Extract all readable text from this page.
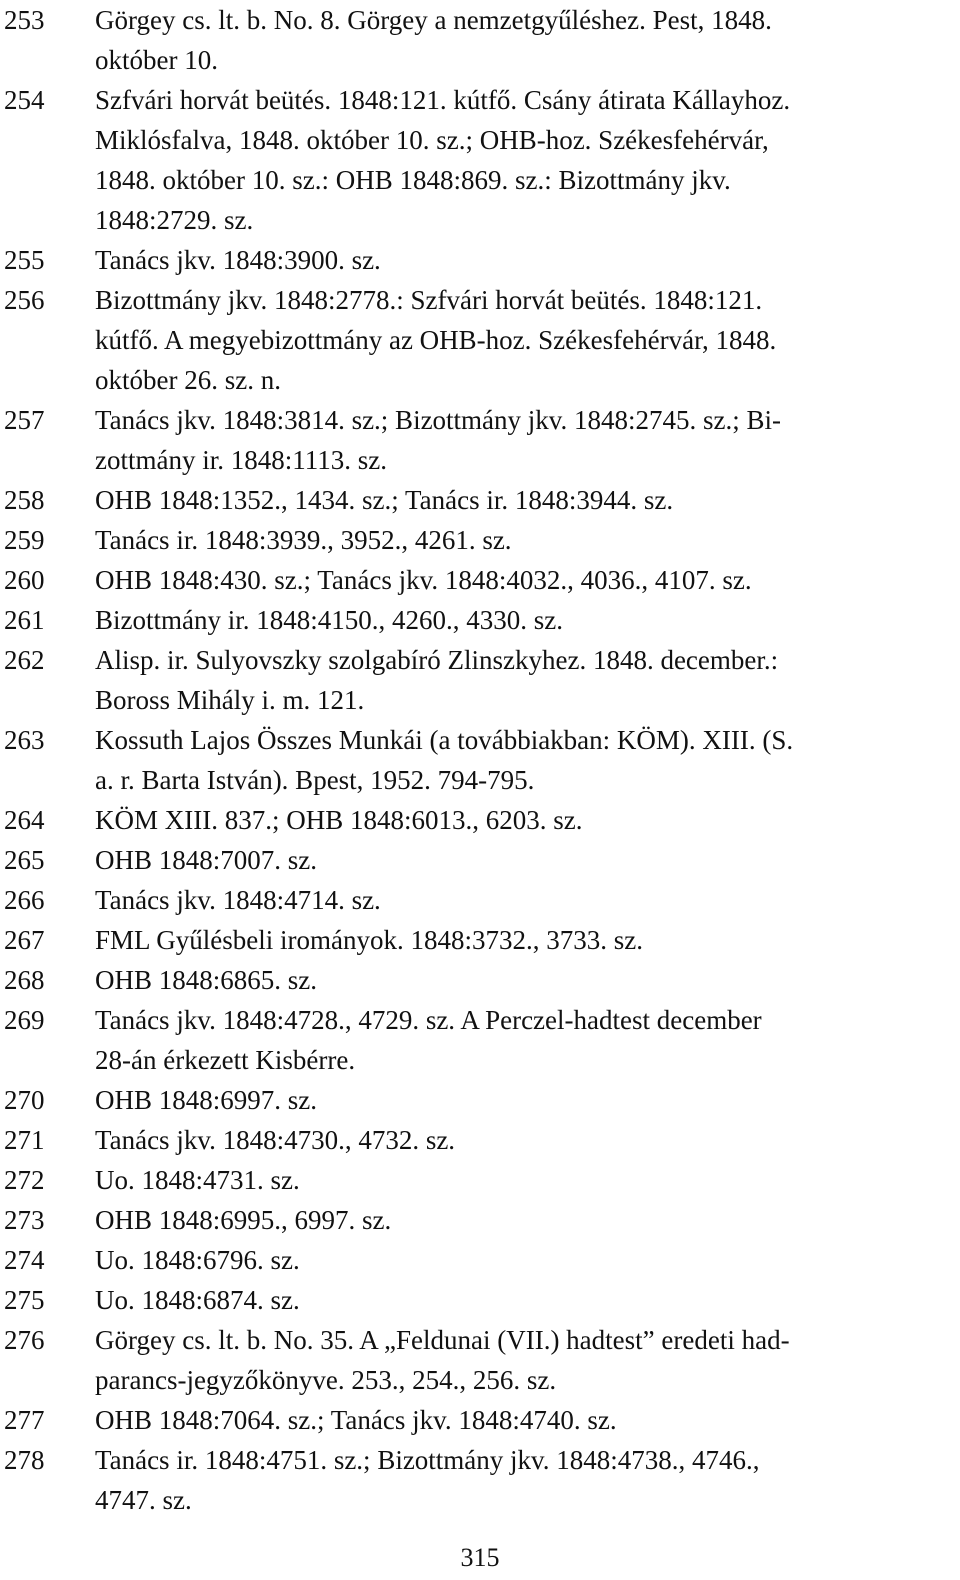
253	Görgey cs. lt. b. No. 8. Görgey a nemzetgyűléshez. Pest, 1848.
október 10.
254	Szfvári horvát beütés. 1848:121. kútfő. Csány átirata Kállayhoz.
Miklósfalva, 1848. október 10. sz.; OHB-hoz. Székesfehérvár,
1848. október 10. sz.: OHB 1848:869. sz.: Bizottmány jkv.
1848:2729. sz.
255	Tanács jkv. 1848:3900. sz.
256	Bizottmány jkv. 1848:2778.: Szfvári horvát beütés. 1848:121.
kútfő. A megyebizottmány az OHB-hoz. Székesfehérvár, 1848.
október 26. sz. n.
257	Tanács jkv. 1848:3814. sz.; Bizottmány jkv. 1848:2745. sz.; Bi-
zottmány ir. 1848:1113. sz.
258	OHB 1848:1352., 1434. sz.; Tanács ir. 1848:3944. sz.
259	Tanács ir. 1848:3939., 3952., 4261. sz.
260	OHB 1848:430. sz.; Tanács jkv. 1848:4032., 4036., 4107. sz.
261	Bizottmány ir. 1848:4150., 4260., 4330. sz.
262	Alisp. ir. Sulyovszky szolgabíró Zlinszkyhez. 1848. december.:
Boross Mihály i. m. 121.
263	Kossuth Lajos Összes Munkái (a továbbiakban: KÖM). XIII. (S.
a. r. Barta István). Bpest, 1952. 794-795.
264	KÖM XIII. 837.; OHB 1848:6013., 6203. sz.
265	OHB 1848:7007. sz.
266	Tanács jkv. 1848:4714. sz.
267	FML Gyűlésbeli irományok. 1848:3732., 3733. sz.
268	OHB 1848:6865. sz.
269	Tanács jkv. 1848:4728., 4729. sz. A Perczel-hadtest december
28-án érkezett Kisbérre.
270	OHB 1848:6997. sz.
271	Tanács jkv. 1848:4730., 4732. sz.
272	Uo. 1848:4731. sz.
273	OHB 1848:6995., 6997. sz.
274	Uo. 1848:6796. sz.
275	Uo. 1848:6874. sz.
276	Görgey cs. lt. b. No. 35. A „Feldunai (VII.) hadtest” eredeti had-
parancs-jegyzőkönyve. 253., 254., 256. sz.
277	OHB 1848:7064. sz.; Tanács jkv. 1848:4740. sz.
278	Tanács ir. 1848:4751. sz.; Bizottmány jkv. 1848:4738., 4746.,
4747. sz.
315
